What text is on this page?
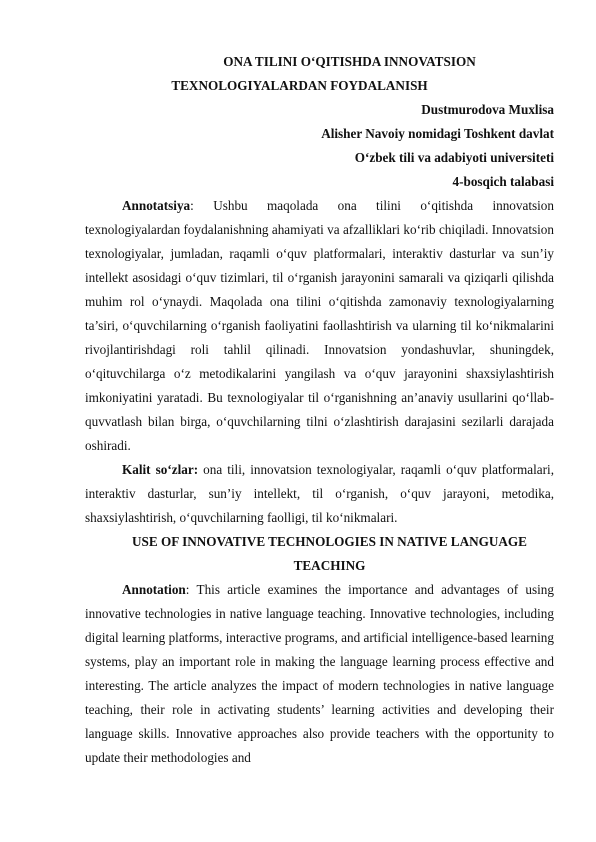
ONA TILINI O‘QITISHDA INNOVATSION
TEXNOLOGIYALARDAN FOYDALANISH
Dustmurodova Muxlisa
Alisher Navoiy nomidagi Toshkent davlat
O‘zbek tili va adabiyoti universiteti
4-bosqich talabasi

Annotatsiya: Ushbu maqolada ona tilini o‘qitishda innovatsion texnologiyalardan foydalanishning ahamiyati va afzalliklari ko‘rib chiqiladi. Innovatsion texnologiyalar, jumladan, raqamli o‘quv platformalari, interaktiv dasturlar va sun’iy intellekt asosidagi o‘quv tizimlari, til o‘rganish jarayonini samarali va qiziqarli qilishda muhim rol o‘ynaydi. Maqolada ona tilini o‘qitishda zamonaviy texnologiyalarning ta’siri, o‘quvchilarning o‘rganish faoliyatini faollashtirish va ularning til ko‘nikmalarini rivojlantirishdagi roli tahlil qilinadi. Innovatsion yondashuvlar, shuningdek, o‘qituvchilarga o‘z metodikalarini yangilash va o‘quv jarayonini shaxsiylashtirish imkoniyatini yaratadi. Bu texnologiyalar til o‘rganishning an’anaviy usullarini qo‘llab-quvvatlash bilan birga, o‘quvchilarning tilni o‘zlashtirish darajasini sezilarli darajada oshiradi.

Kalit so‘zlar: ona tili, innovatsion texnologiyalar, raqamli o‘quv platformalari, interaktiv dasturlar, sun’iy intellekt, til o‘rganish, o‘quv jarayoni, metodika, shaxsiylashtirish, o‘quvchilarning faolligi, til ko‘nikmalari.

USE OF INNOVATIVE TECHNOLOGIES IN NATIVE LANGUAGE
TEACHING

Annotation: This article examines the importance and advantages of using innovative technologies in native language teaching. Innovative technologies, including digital learning platforms, interactive programs, and artificial intelligence-based learning systems, play an important role in making the language learning process effective and interesting. The article analyzes the impact of modern technologies in native language teaching, their role in activating students’ learning activities and developing their language skills. Innovative approaches also provide teachers with the opportunity to update their methodologies and
